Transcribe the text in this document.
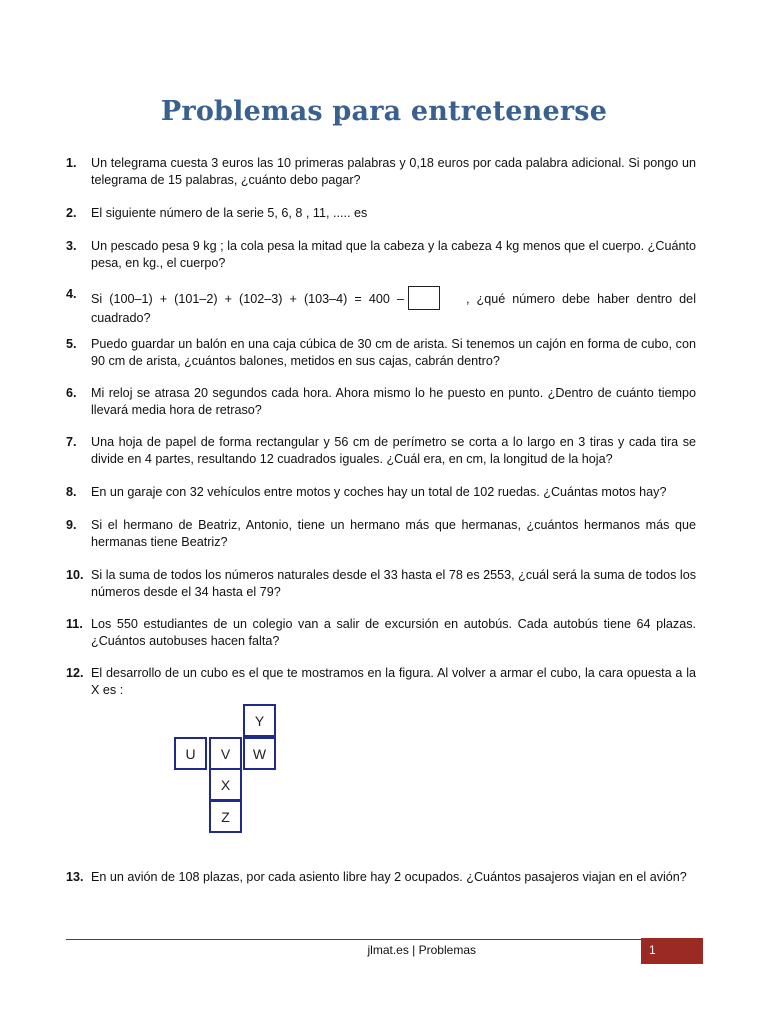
Problemas para entretenerse
1.	Un telegrama cuesta 3 euros las 10 primeras palabras y 0,18 euros por cada palabra adicional. Si pongo un telegrama de 15 palabras, ¿cuánto debo pagar?
2.	El siguiente número de la serie 5, 6, 8 , 11, ..... es
3.	Un pescado pesa 9 kg ; la cola pesa la mitad que la cabeza y la cabeza 4 kg menos que el cuerpo. ¿Cuánto pesa, en kg., el cuerpo?
4.	Si (100–1) + (101–2) + (102–3) + (103–4) = 400 –	, ¿qué número debe haber dentro del cuadrado?
5.	Puedo guardar un balón en una caja cúbica de 30 cm de arista. Si tenemos un cajón en forma de cubo, con 90 cm de arista, ¿cuántos balones, metidos en sus cajas, cabrán dentro?
6.	Mi reloj se atrasa 20 segundos cada hora. Ahora mismo lo he puesto en punto. ¿Dentro de cuánto tiempo llevará media hora de retraso?
7.	Una hoja de papel de forma rectangular y 56 cm de perímetro se corta a lo largo en 3 tiras y cada tira se divide en 4 partes, resultando 12 cuadrados iguales. ¿Cuál era, en cm, la longitud de la hoja?
8.	En un garaje con 32 vehículos entre motos y coches hay un total de 102 ruedas. ¿Cuántas motos hay?
9.	Si el hermano de Beatriz, Antonio, tiene un hermano más que hermanas, ¿cuántos hermanos más que hermanas tiene Beatriz?
10. Si la suma de todos los números naturales desde el 33 hasta el 78 es 2553, ¿cuál será la suma de todos los números desde el 34 hasta el 79?
11. Los 550 estudiantes de un colegio van a salir de excursión en autobús. Cada autobús tiene 64 plazas. ¿Cuántos autobuses hacen falta?
12. El desarrollo de un cubo es el que te mostramos en la figura. Al volver a armar el cubo, la cara opuesta a la X es :
Y
U	V	W
X
Z
13. En un avión de 108 plazas, por cada asiento libre hay 2 ocupados. ¿Cuántos pasajeros viajan en el avión?
jlmat.es | Problemas	1
